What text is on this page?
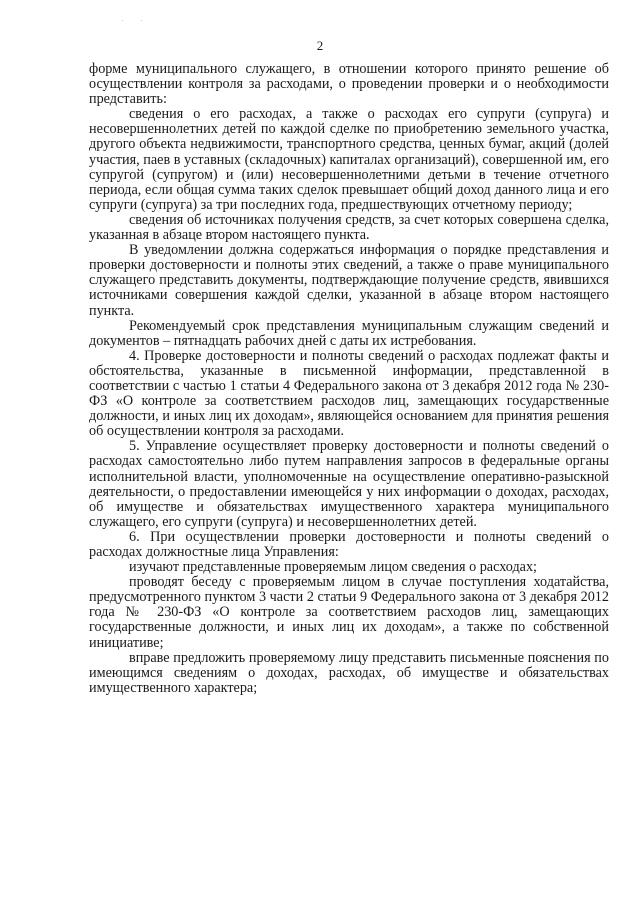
. .
2

форме муниципального служащего, в отношении которого принято решение об осуществлении контроля за расходами, о проведении проверки и о необходимости представить:

сведения о его расходах, а также о расходах его супруги (супруга) и несовершеннолетних детей по каждой сделке по приобретению земельного участка, другого объекта недвижимости, транспортного средства, ценных бумаг, акций (долей участия, паев в уставных (складочных) капиталах организаций), совершенной им, его супругой (супругом) и (или) несовершеннолетними детьми в течение отчетного периода, если общая сумма таких сделок превышает общий доход данного лица и его супруги (супруга) за три последних года, предшествующих отчетному периоду;

сведения об источниках получения средств, за счет которых совершена сделка, указанная в абзаце втором настоящего пункта.

В уведомлении должна содержаться информация о порядке представления и проверки достоверности и полноты этих сведений, а также о праве муниципального служащего представить документы, подтверждающие получение средств, явившихся источниками совершения каждой сделки, указанной в абзаце втором настоящего пункта.

Рекомендуемый срок представления муниципальным служащим сведений и документов – пятнадцать рабочих дней с даты их истребования.

4. Проверке достоверности и полноты сведений о расходах подлежат факты и обстоятельства, указанные в письменной информации, представленной в соответствии с частью 1 статьи 4 Федерального закона от 3 декабря 2012 года № 230-ФЗ «О контроле за соответствием расходов лиц, замещающих государственные должности, и иных лиц их доходам», являющейся основанием для принятия решения об осуществлении контроля за расходами.

5. Управление осуществляет проверку достоверности и полноты сведений о расходах самостоятельно либо путем направления запросов в федеральные органы исполнительной власти, уполномоченные на осуществление оперативно-разыскной деятельности, о предоставлении имеющейся у них информации о доходах, расходах, об имуществе и обязательствах имущественного характера муниципального служащего, его супруги (супруга) и несовершеннолетних детей.

6. При осуществлении проверки достоверности и полноты сведений о расходах должностные лица Управления:

изучают представленные проверяемым лицом сведения о расходах;

проводят беседу с проверяемым лицом в случае поступления ходатайства, предусмотренного пунктом 3 части 2 статьи 9 Федерального закона от 3 декабря 2012 года № 230-ФЗ «О контроле за соответствием расходов лиц, замещающих государственные должности, и иных лиц их доходам», а также по собственной инициативе;

вправе предложить проверяемому лицу представить письменные пояснения по имеющимся сведениям о доходах, расходах, об имуществе и обязательствах имущественного характера;
